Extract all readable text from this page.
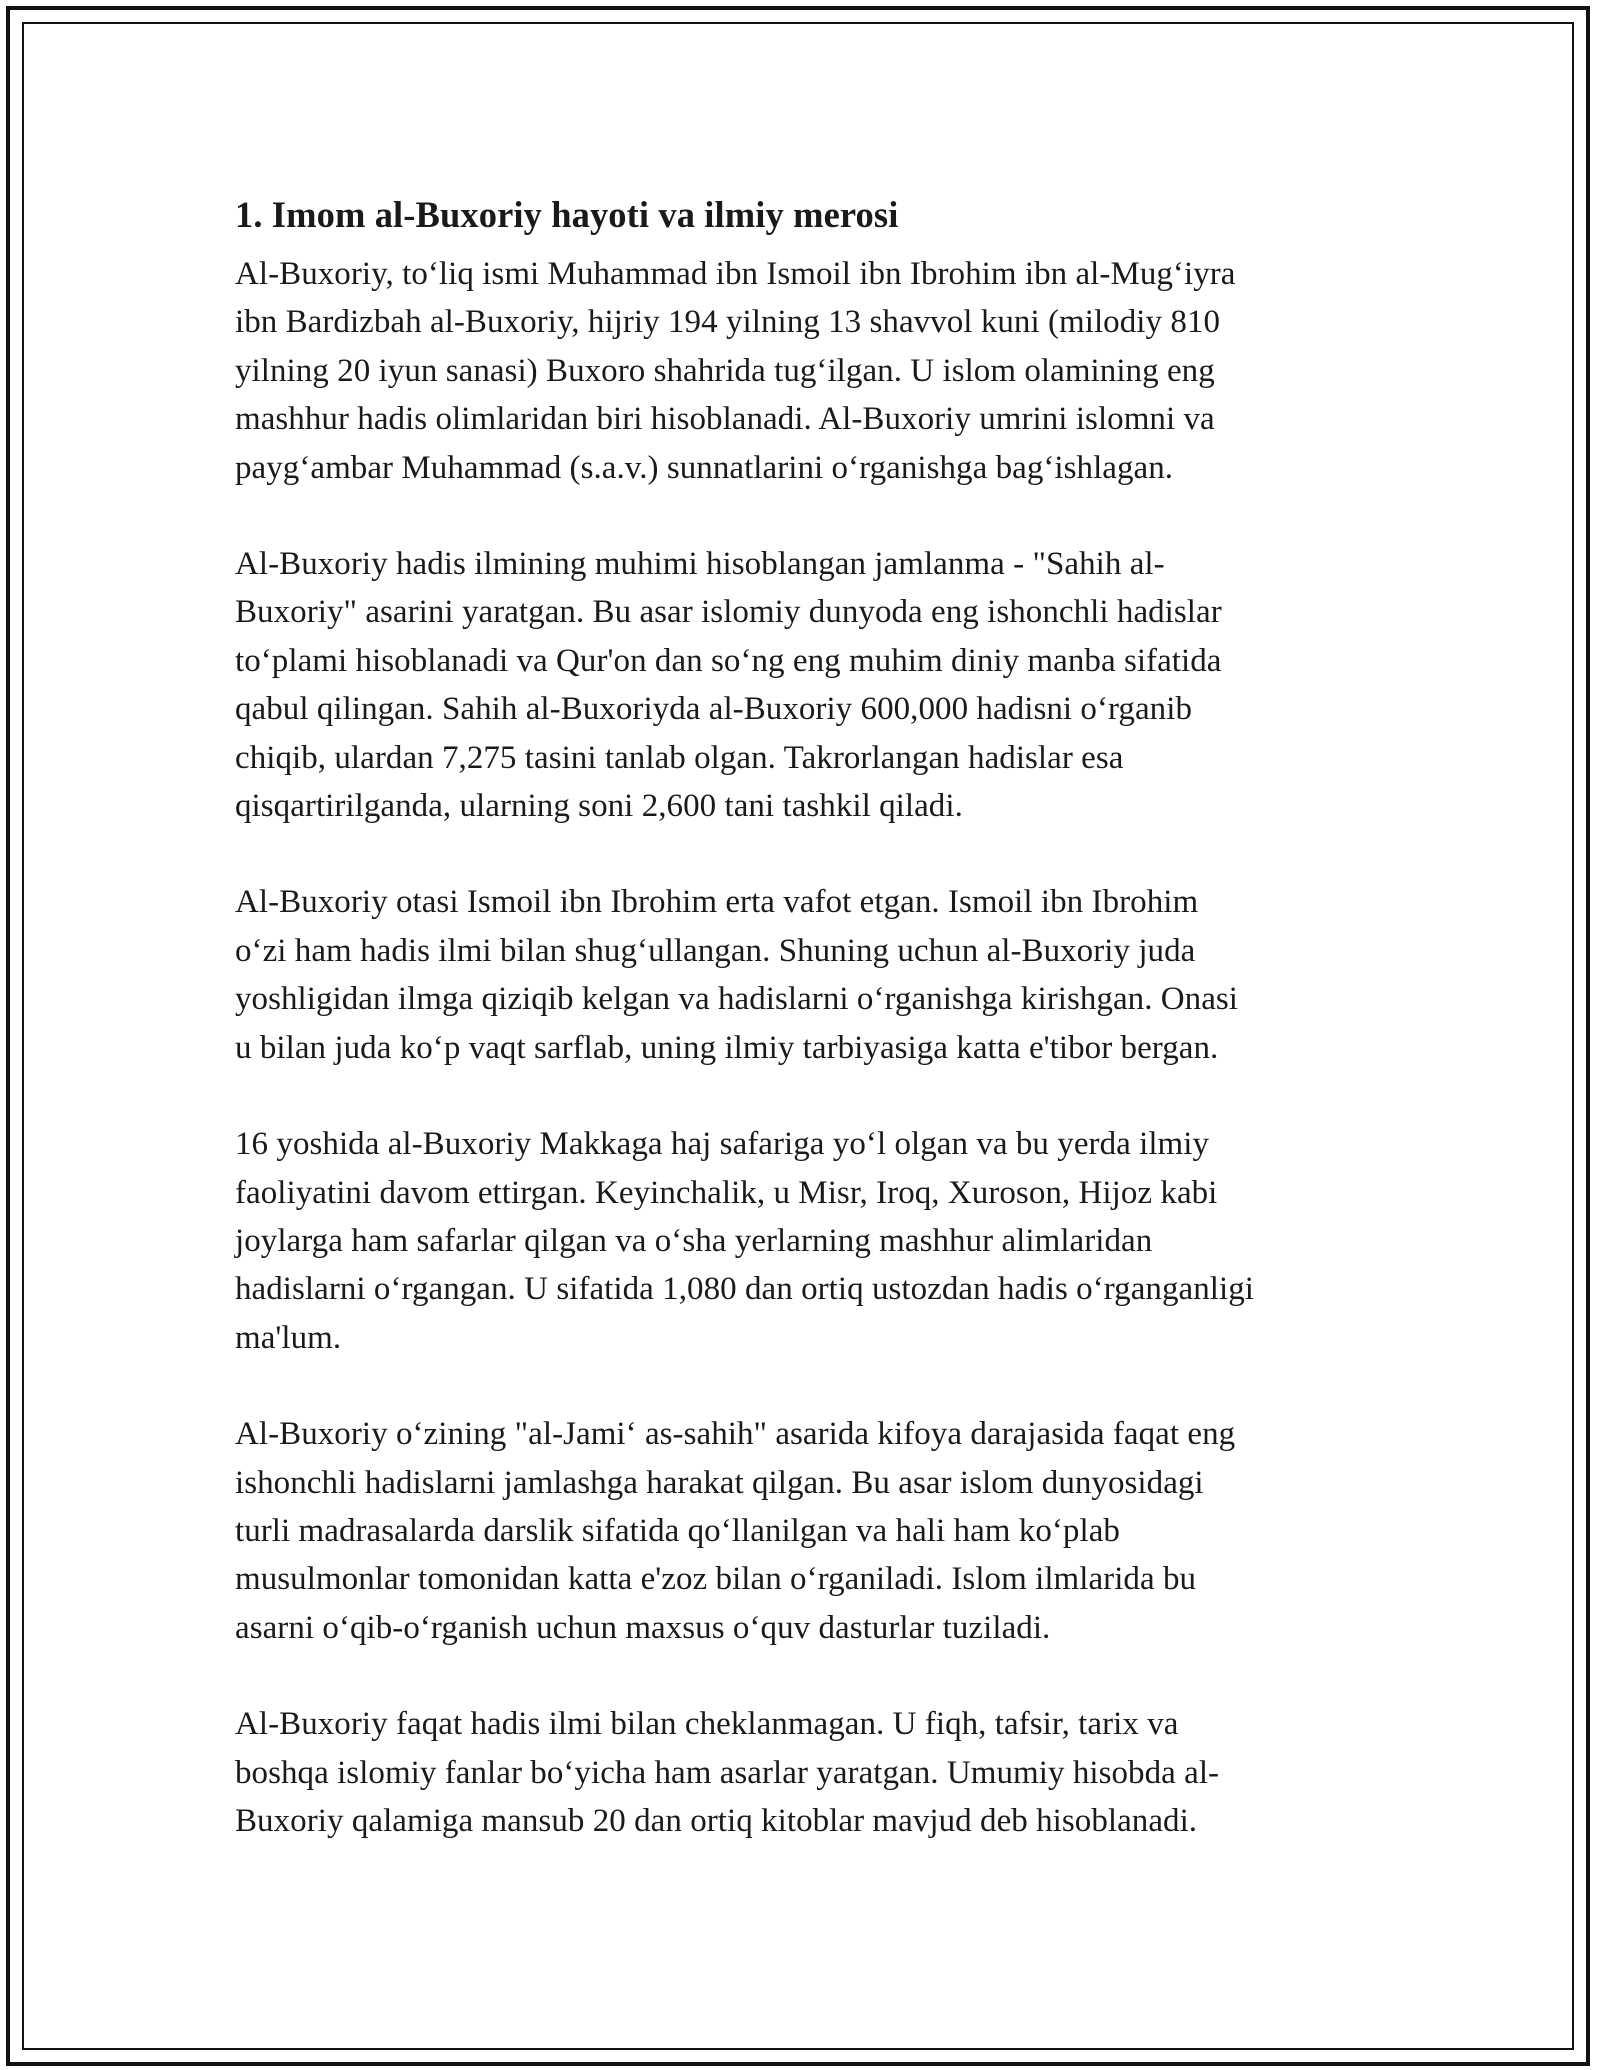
1. Imom al-Buxoriy hayoti va ilmiy merosi
Al-Buxoriy, to‘liq ismi Muhammad ibn Ismoil ibn Ibrohim ibn al-Mug‘iyra
ibn Bardizbah al-Buxoriy, hijriy 194 yilning 13 shavvol kuni (milodiy 810
yilning 20 iyun sanasi) Buxoro shahrida tug‘ilgan. U islom olamining eng
mashhur hadis olimlaridan biri hisoblanadi. Al-Buxoriy umrini islomni va
payg‘ambar Muhammad (s.a.v.) sunnatlarini o‘rganishga bag‘ishlagan.
Al-Buxoriy hadis ilmining muhimi hisoblangan jamlanma - "Sahih al-
Buxoriy" asarini yaratgan. Bu asar islomiy dunyoda eng ishonchli hadislar
to‘plami hisoblanadi va Qur'on dan so‘ng eng muhim diniy manba sifatida
qabul qilingan. Sahih al-Buxoriyda al-Buxoriy 600,000 hadisni o‘rganib
chiqib, ulardan 7,275 tasini tanlab olgan. Takrorlangan hadislar esa
qisqartirilganda, ularning soni 2,600 tani tashkil qiladi.
Al-Buxoriy otasi Ismoil ibn Ibrohim erta vafot etgan. Ismoil ibn Ibrohim
o‘zi ham hadis ilmi bilan shug‘ullangan. Shuning uchun al-Buxoriy juda
yoshligidan ilmga qiziqib kelgan va hadislarni o‘rganishga kirishgan. Onasi
u bilan juda ko‘p vaqt sarflab, uning ilmiy tarbiyasiga katta e'tibor bergan.
16 yoshida al-Buxoriy Makkaga haj safariga yo‘l olgan va bu yerda ilmiy
faoliyatini davom ettirgan. Keyinchalik, u Misr, Iroq, Xuroson, Hijoz kabi
joylarga ham safarlar qilgan va o‘sha yerlarning mashhur alimlaridan
hadislarni o‘rgangan. U sifatida 1,080 dan ortiq ustozdan hadis o‘rganganligi
ma'lum.
Al-Buxoriy o‘zining "al-Jami‘ as-sahih" asarida kifoya darajasida faqat eng
ishonchli hadislarni jamlashga harakat qilgan. Bu asar islom dunyosidagi
turli madrasalarda darslik sifatida qo‘llanilgan va hali ham ko‘plab
musulmonlar tomonidan katta e'zoz bilan o‘rganiladi. Islom ilmlarida bu
asarni o‘qib-o‘rganish uchun maxsus o‘quv dasturlar tuziladi.
Al-Buxoriy faqat hadis ilmi bilan cheklanmagan. U fiqh, tafsir, tarix va
boshqa islomiy fanlar bo‘yicha ham asarlar yaratgan. Umumiy hisobda al-
Buxoriy qalamiga mansub 20 dan ortiq kitoblar mavjud deb hisoblanadi.
